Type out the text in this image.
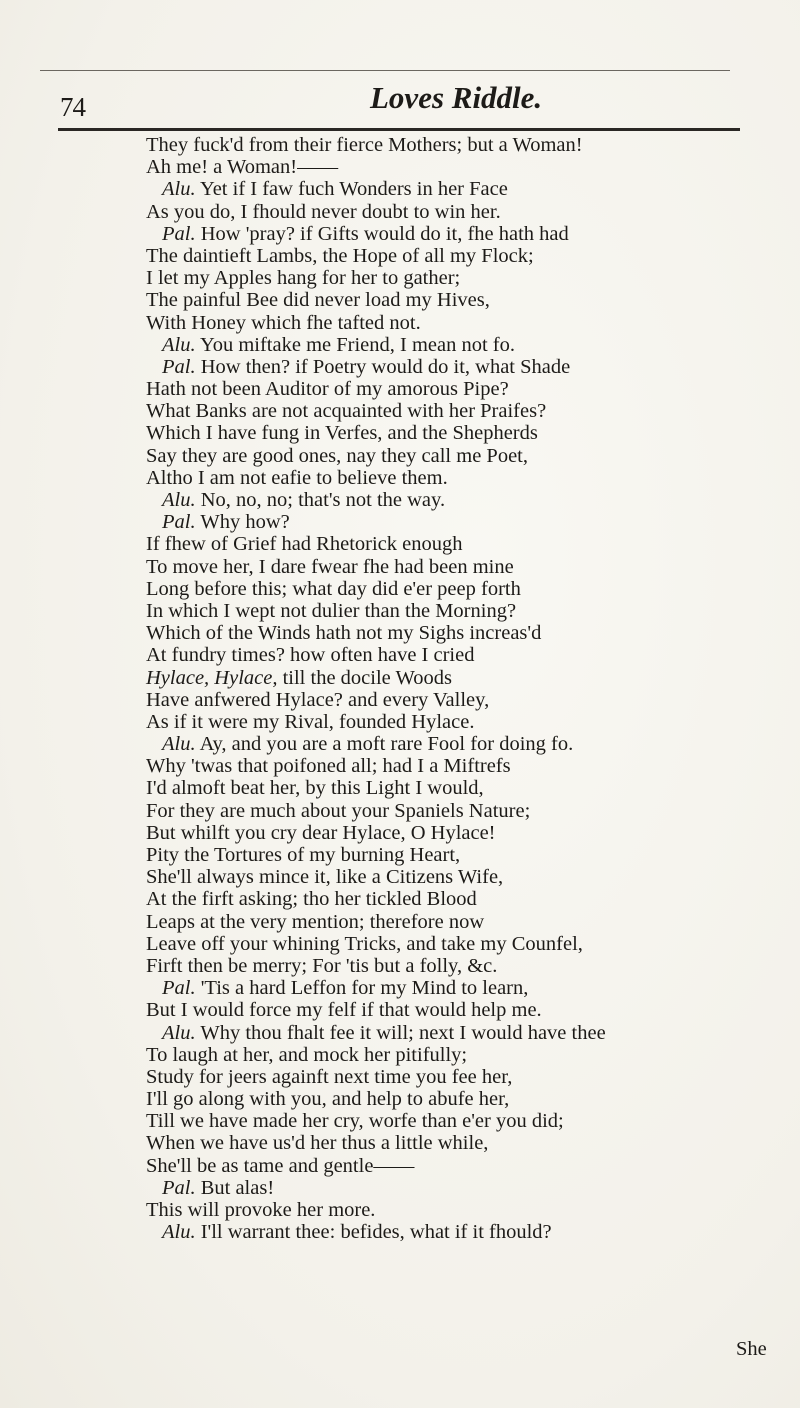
74	Loves Riddle.
They fuck'd from their fierce Mothers; but a Woman!
Ah me! a Woman!——
Alu. Yet if I faw fuch Wonders in her Face
As you do, I fhould never doubt to win her.
Pal. How 'pray? if Gifts would do it, fhe hath had
The daintieft Lambs, the Hope of all my Flock;
I let my Apples hang for her to gather;
The painful Bee did never load my Hives,
With Honey which fhe tafted not.
Alu. You miftake me Friend, I mean not fo.
Pal. How then? if Poetry would do it, what Shade
Hath not been Auditor of my amorous Pipe?
What Banks are not acquainted with her Praifes?
Which I have fung in Verfes, and the Shepherds
Say they are good ones, nay they call me Poet,
Altho I am not eafie to believe them.
Alu. No, no, no; that's not the way.
Pal. Why how?
If fhew of Grief had Rhetorick enough
To move her, I dare fwear fhe had been mine
Long before this; what day did e'er peep forth
In which I wept not dulier than the Morning?
Which of the Winds hath not my Sighs increas'd
At fundry times? how often have I cried
Hylace, Hylace, till the docile Woods
Have anfwered Hylace? and every Valley,
As if it were my Rival, founded Hylace.
Alu. Ay, and you are a moft rare Fool for doing fo.
Why 'twas that poifoned all; had I a Miftrefs
I'd almoft beat her, by this Light I would,
For they are much about your Spaniels Nature;
But whilft you cry dear Hylace, O Hylace!
Pity the Tortures of my burning Heart,
She'll always mince it, like a Citizens Wife,
At the firft asking; tho her tickled Blood
Leaps at the very mention; therefore now
Leave off your whining Tricks, and take my Counfel,
Firft then be merry; For 'tis but a folly, &c.
Pal. 'Tis a hard Leffon for my Mind to learn,
But I would force my felf if that would help me.
Alu. Why thou fhalt fee it will; next I would have thee
To laugh at her, and mock her pitifully;
Study for jeers againft next time you fee her,
I'll go along with you, and help to abufe her,
Till we have made her cry, worfe than e'er you did;
When we have us'd her thus a little while,
She'll be as tame and gentle——
Pal. But alas!
This will provoke her more.
Alu. I'll warrant thee: befides, what if it fhould?
She
